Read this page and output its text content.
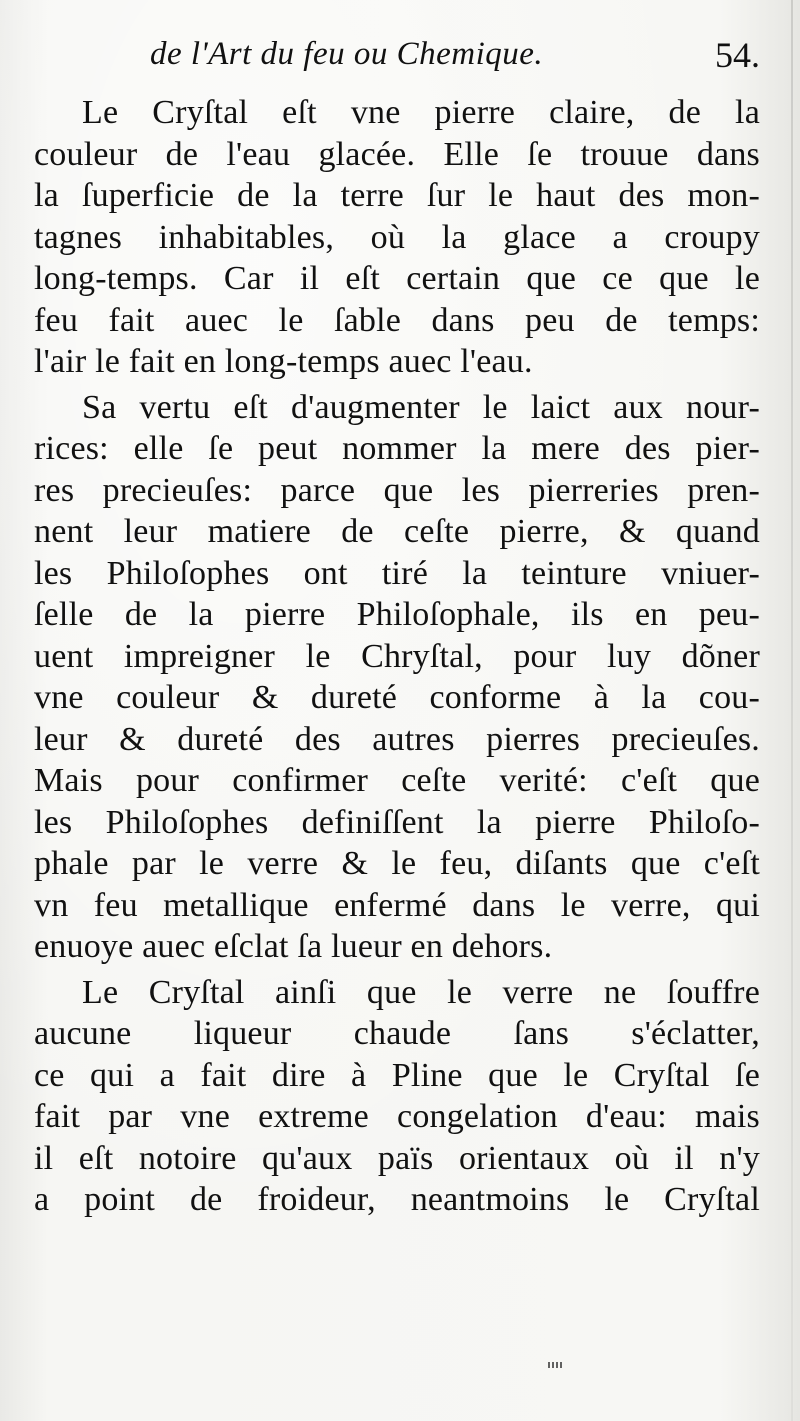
de l'Art du feu ou Chemique.	54.
Le Cryſtal eſt vne pierre claire, de la
couleur de l'eau glacée. Elle ſe trouue dans
la ſuperficie de la terre ſur le haut des mon-
tagnes inhabitables, où la glace a croupy
long-temps. Car il eſt certain que ce que le
feu fait auec le ſable dans peu de temps:
l'air le fait en long-temps auec l'eau.
Sa vertu eſt d'augmenter le laict aux nour-
rices: elle ſe peut nommer la mere des pier-
res precieuſes: parce que les pierreries pren-
nent leur matiere de ceſte pierre, & quand
les Philoſophes ont tiré la teinture vniuer-
ſelle de la pierre Philoſophale, ils en peu-
uent impreigner le Chryſtal, pour luy dõner
vne couleur & dureté conforme à la cou-
leur & dureté des autres pierres precieuſes.
Mais pour confirmer ceſte verité: c'eſt que
les Philoſophes definiſſent la pierre Philoſo-
phale par le verre & le feu, diſants que c'eſt
vn feu metallique enfermé dans le verre, qui
enuoye auec eſclat ſa lueur en dehors.
Le Cryſtal ainſi que le verre ne ſouffre
aucune liqueur chaude ſans s'éclatter,
ce qui a fait dire à Pline que le Cryſtal ſe
fait par vne extreme congelation d'eau: mais
il eſt notoire qu'aux païs orientaux où il n'y
a point de froideur, neantmoins le Cryſtal
